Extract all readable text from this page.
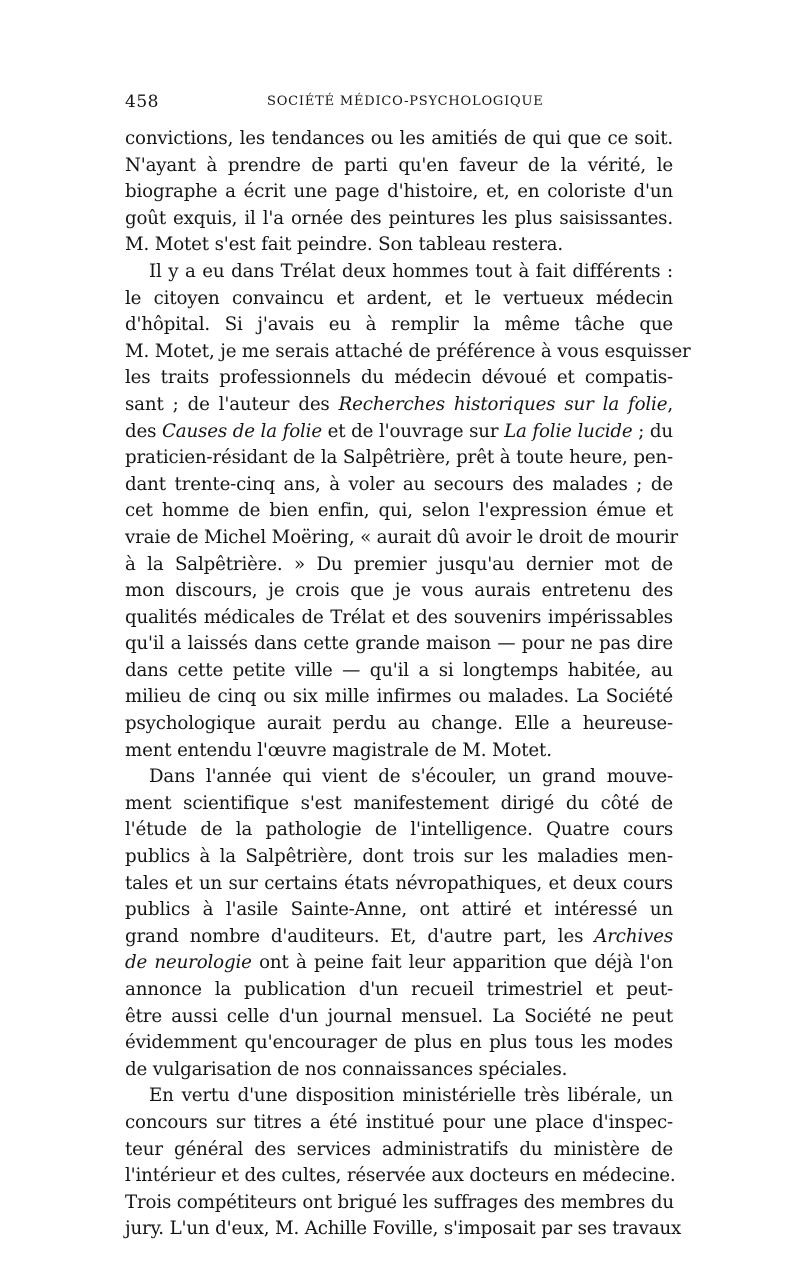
458	SOCIÉTÉ MÉDICO-PSYCHOLOGIQUE
convictions, les tendances ou les amitiés de qui que ce soit.
N'ayant à prendre de parti qu'en faveur de la vérité, le
biographe a écrit une page d'histoire, et, en coloriste d'un
goût exquis, il l'a ornée des peintures les plus saisissantes.
M. Motet s'est fait peindre. Son tableau restera.
Il y a eu dans Trélat deux hommes tout à fait différents :
le citoyen convaincu et ardent, et le vertueux médecin
d'hôpital. Si j'avais eu à remplir la même tâche que
M. Motet, je me serais attaché de préférence à vous esquisser
les traits professionnels du médecin dévoué et compatis-
sant ; de l'auteur des Recherches historiques sur la folie,
des Causes de la folie et de l'ouvrage sur La folie lucide ; du
praticien-résidant de la Salpêtrière, prêt à toute heure, pen-
dant trente-cinq ans, à voler au secours des malades ; de
cet homme de bien enfin, qui, selon l'expression émue et
vraie de Michel Moëring, « aurait dû avoir le droit de mourir
à la Salpêtrière. » Du premier jusqu'au dernier mot de
mon discours, je crois que je vous aurais entretenu des
qualités médicales de Trélat et des souvenirs impérissables
qu'il a laissés dans cette grande maison — pour ne pas dire
dans cette petite ville — qu'il a si longtemps habitée, au
milieu de cinq ou six mille infirmes ou malades. La Société
psychologique aurait perdu au change. Elle a heureuse-
ment entendu l'œuvre magistrale de M. Motet.
Dans l'année qui vient de s'écouler, un grand mouve-
ment scientifique s'est manifestement dirigé du côté de
l'étude de la pathologie de l'intelligence. Quatre cours
publics à la Salpêtrière, dont trois sur les maladies men-
tales et un sur certains états névropathiques, et deux cours
publics à l'asile Sainte-Anne, ont attiré et intéressé un
grand nombre d'auditeurs. Et, d'autre part, les Archives
de neurologie ont à peine fait leur apparition que déjà l'on
annonce la publication d'un recueil trimestriel et peut-
être aussi celle d'un journal mensuel. La Société ne peut
évidemment qu'encourager de plus en plus tous les modes
de vulgarisation de nos connaissances spéciales.
En vertu d'une disposition ministérielle très libérale, un
concours sur titres a été institué pour une place d'inspec-
teur général des services administratifs du ministère de
l'intérieur et des cultes, réservée aux docteurs en médecine.
Trois compétiteurs ont brigué les suffrages des membres du
jury. L'un d'eux, M. Achille Foville, s'imposait par ses travaux
